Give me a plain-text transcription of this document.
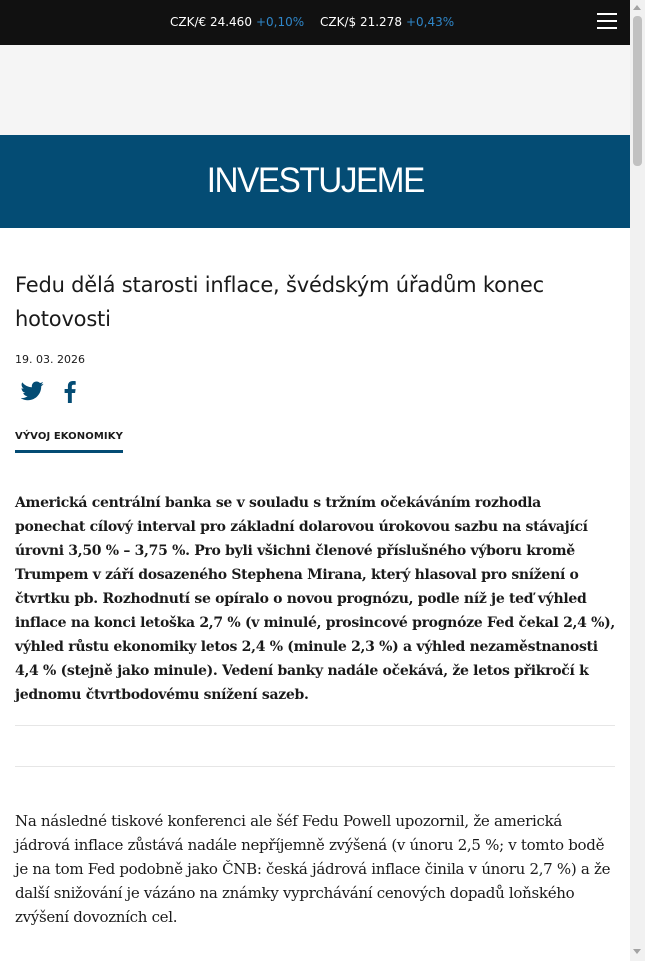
CZK/€ 24.460 +0,10% CZK/$ 21.278 +0,43%
INVESTUJEME
Fedu dělá starosti inflace, švédským úřadům konec hotovosti
19. 03. 2026
VÝVOJ EKONOMIKY

Americká centrální banka se v souladu s tržním očekáváním rozhodla ponechat cílový interval pro základní dolarovou úrokovou sazbu na stávající úrovni 3,50 % – 3,75 %. Pro byli všichni členové příslušného výboru kromě Trumpem v září dosazeného Stephena Mirana, který hlasoval pro snížení o čtvrtku pb. Rozhodnutí se opíralo o novou prognózu, podle níž je teď výhled inflace na konci letoška 2,7 % (v minulé, prosincové prognóze Fed čekal 2,4 %), výhled růstu ekonomiky letos 2,4 % (minule 2,3 %) a výhled nezaměstnanosti 4,4 % (stejně jako minule). Vedení banky nadále očekává, že letos přikročí k jednomu čtvrtbodovému snížení sazeb.

Na následné tiskové konferenci ale šéf Fedu Powell upozornil, že americká jádrová inflace zůstává nadále nepříjemně zvýšená (v únoru 2,5 %; v tomto bodě je na tom Fed podobně jako ČNB: česká jádrová inflace činila v únoru 2,7 %) a že další snižování je vázáno na známky vyprchávání cenových dopadů loňského zvýšení dovozních cel.
